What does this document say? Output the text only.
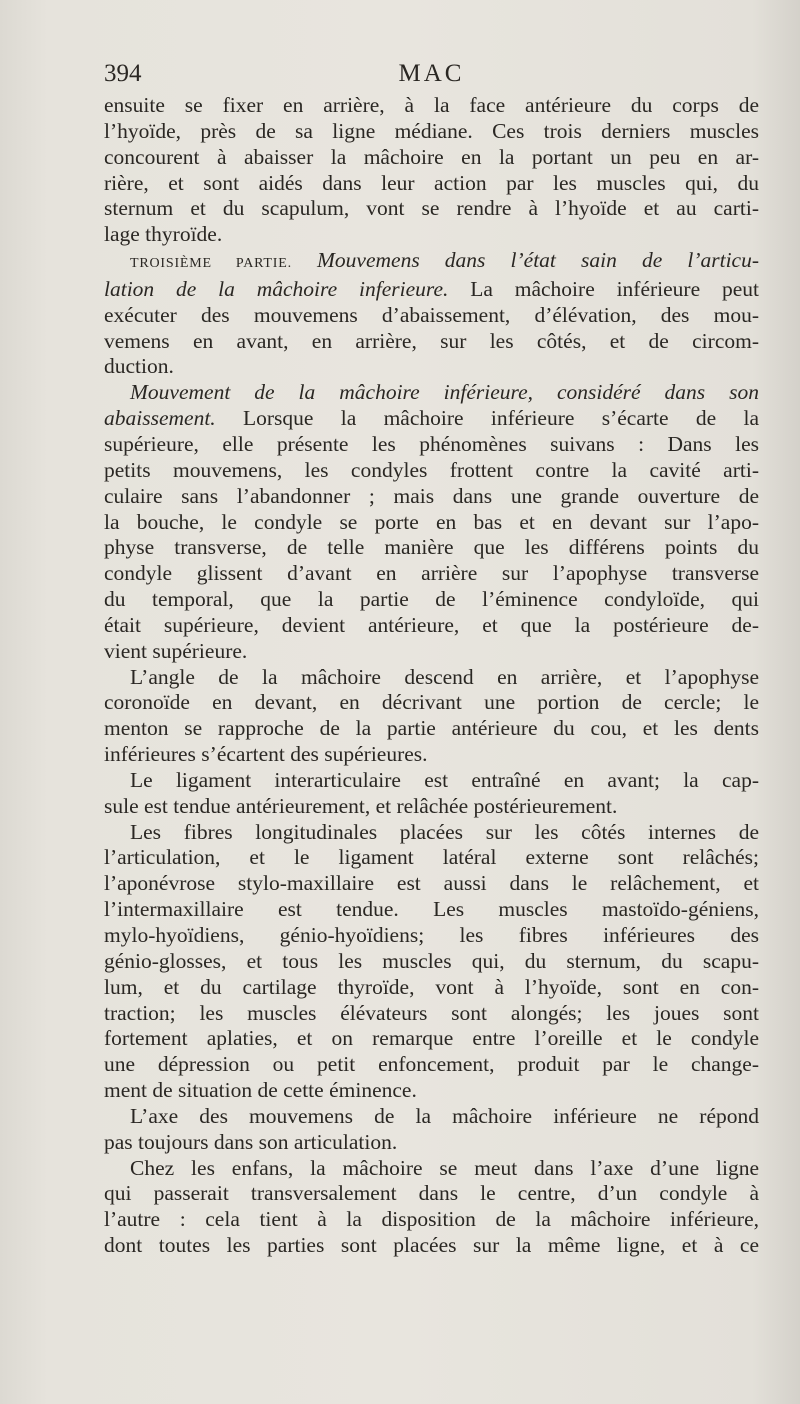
394	MAC

ensuite se fixer en arrière, à la face antérieure du corps de

l’hyoïde, près de sa ligne médiane. Ces trois derniers muscles

concourent à abaisser la mâchoire en la portant un peu en ar-

rière, et sont aidés dans leur action par les muscles qui, du

sternum et du scapulum, vont se rendre à l’hyoïde et au carti-

lage thyroïde.

TROISIÈME PARTIE. Mouvemens dans l’état sain de l’articu-

lation de la mâchoire inferieure. La mâchoire inférieure peut

exécuter des mouvemens d’abaissement, d’élévation, des mou-

vemens en avant, en arrière, sur les côtés, et de circom-

duction.

Mouvement de la mâchoire inférieure, considéré dans son

abaissement. Lorsque la mâchoire inférieure s’écarte de la

supérieure, elle présente les phénomènes suivans : Dans les

petits mouvemens, les condyles frottent contre la cavité arti-

culaire sans l’abandonner ; mais dans une grande ouverture de

la bouche, le condyle se porte en bas et en devant sur l’apo-

physe transverse, de telle manière que les différens points du

condyle glissent d’avant en arrière sur l’apophyse transverse

du temporal, que la partie de l’éminence condyloïde, qui

était supérieure, devient antérieure, et que la postérieure de-

vient supérieure.

L’angle de la mâchoire descend en arrière, et l’apophyse

coronoïde en devant, en décrivant une portion de cercle; le

menton se rapproche de la partie antérieure du cou, et les dents

inférieures s’écartent des supérieures.

Le ligament interarticulaire est entraîné en avant; la cap-

sule est tendue antérieurement, et relâchée postérieurement.

Les fibres longitudinales placées sur les côtés internes de

l’articulation, et le ligament latéral externe sont relâchés;

l’aponévrose stylo-maxillaire est aussi dans le relâchement, et

l’intermaxillaire est tendue. Les muscles mastoïdo-géniens,

mylo-hyoïdiens, génio-hyoïdiens; les fibres inférieures des

génio-glosses, et tous les muscles qui, du sternum, du scapu-

lum, et du cartilage thyroïde, vont à l’hyoïde, sont en con-

traction; les muscles élévateurs sont alongés; les joues sont

fortement aplaties, et on remarque entre l’oreille et le condyle

une dépression ou petit enfoncement, produit par le change-

ment de situation de cette éminence.

L’axe des mouvemens de la mâchoire inférieure ne répond

pas toujours dans son articulation.

Chez les enfans, la mâchoire se meut dans l’axe d’une ligne

qui passerait transversalement dans le centre, d’un condyle à

l’autre : cela tient à la disposition de la mâchoire inférieure,

dont toutes les parties sont placées sur la même ligne, et à ce
